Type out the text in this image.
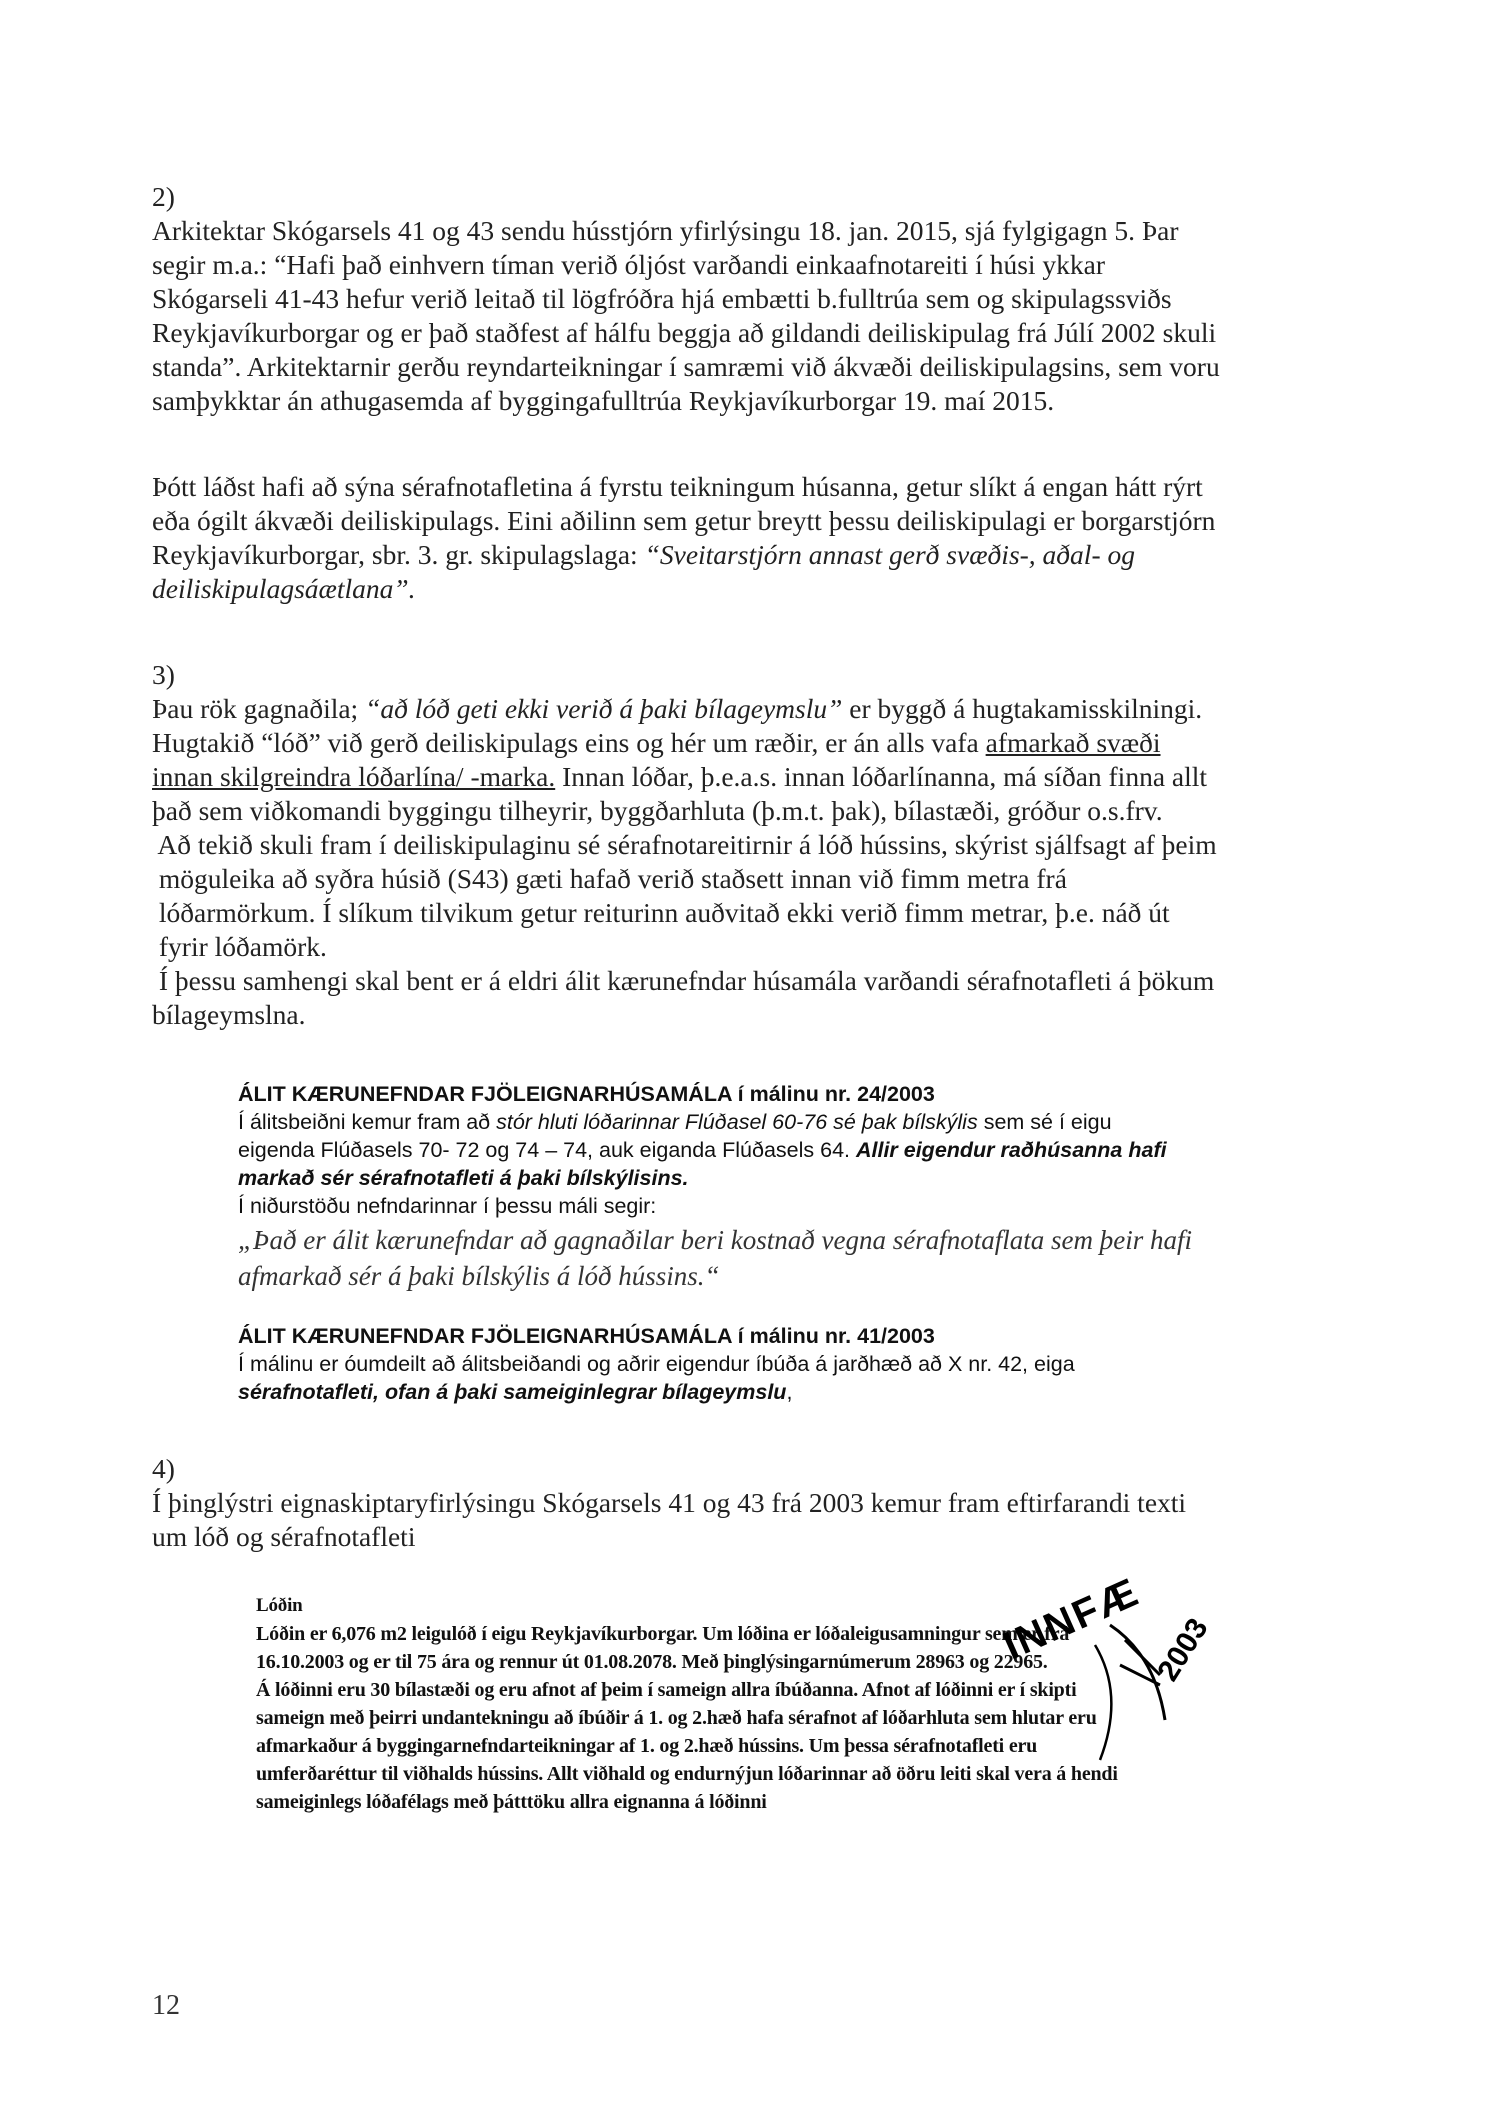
2)
Arkitektar Skógarsels 41 og 43 sendu hússtjórn yfirlýsingu 18. jan. 2015, sjá fylgigagn 5. Þar
segir m.a.: “Hafi það einhvern tíman verið óljóst varðandi einkaafnotareiti í húsi ykkar
Skógarseli 41-43 hefur verið leitað til lögfróðra hjá embætti b.fulltrúa sem og skipulagssviðs
Reykjavíkurborgar og er það staðfest af hálfu beggja að gildandi deiliskipulag frá Júlí 2002 skuli
standa”. Arkitektarnir gerðu reyndarteikningar í samræmi við ákvæði deiliskipulagsins, sem voru
samþykktar án athugasemda af byggingafulltrúa Reykjavíkurborgar 19. maí 2015.
Þótt láðst hafi að sýna sérafnotafletina á fyrstu teikningum húsanna, getur slíkt á engan hátt rýrt
eða ógilt ákvæði deiliskipulags. Eini aðilinn sem getur breytt þessu deiliskipulagi er borgarstjórn
Reykjavíkurborgar, sbr. 3. gr. skipulagslaga: “Sveitarstjórn annast gerð svæðis-, aðal- og
deiliskipulagsáætlana”.
3)
Þau rök gagnaðila; “að lóð geti ekki verið á þaki bílageymslu” er byggð á hugtakamisskilningi.
Hugtakið “lóð” við gerð deiliskipulags eins og hér um ræðir, er án alls vafa afmarkað svæði
innan skilgreindra lóðarlína/ -marka. Innan lóðar, þ.e.a.s. innan lóðarlínanna, má síðan finna allt
það sem viðkomandi byggingu tilheyrir, byggðarhluta (þ.m.t. þak), bílastæði, gróður o.s.frv.
Að tekið skuli fram í deiliskipulaginu sé sérafnotareitirnir á lóð hússins, skýrist sjálfsagt af þeim
möguleika að syðra húsið (S43) gæti hafað verið staðsett innan við fimm metra frá
lóðarmörkum. Í slíkum tilvikum getur reiturinn auðvitað ekki verið fimm metrar, þ.e. náð út
fyrir lóðamörk.
Í þessu samhengi skal bent er á eldri álit kærunefndar húsamála varðandi sérafnotafleti á þökum
bílageymslna.
ÁLIT KÆRUNEFNDAR FJÖLEIGNARHÚSAMÁLA í málinu nr. 24/2003
Í álitsbeiðni kemur fram að stór hluti lóðarinnar Flúðasel 60-76 sé þak bílskýlis sem sé í eigu
eigenda Flúðasels 70- 72 og 74 – 74, auk eiganda Flúðasels 64. Allir eigendur raðhúsanna hafi
markað sér sérafnotafleti á þaki bílskýlisins.
Í niðurstöðu nefndarinnar í þessu máli segir:
„Það er álit kærunefndar að gagnaðilar beri kostnað vegna sérafnotaflata sem þeir hafi
afmarkað sér á þaki bílskýlis á lóð hússins.“
ÁLIT KÆRUNEFNDAR FJÖLEIGNARHÚSAMÁLA í málinu nr. 41/2003
Í málinu er óumdeilt að álitsbeiðandi og aðrir eigendur íbúða á jarðhæð að X nr. 42, eiga
sérafnotafleti, ofan á þaki sameiginlegrar bílageymslu,
4)
Í þinglýstri eignaskiptaryfirlýsingu Skógarsels 41 og 43 frá 2003 kemur fram eftirfarandi texti
um lóð og sérafnotafleti
Lóðin
Lóðin er 6,076 m2 leigulóð í eigu Reykjavíkurborgar. Um lóðina er lóðaleigusamningur sem er frá
16.10.2003 og er til 75 ára og rennur út 01.08.2078. Með þinglýsingarnúmerum 28963 og 22965.
Á lóðinni eru 30 bílastæði og eru afnot af þeim í sameign allra íbúðanna. Afnot af lóðinni er í skipti
sameign með þeirri undantekningu að íbúðir á 1. og 2.hæð hafa sérafnot af lóðarhluta sem hlutar eru
afmarkaður á byggingarnefndarteikningar af 1. og 2.hæð hússins. Um þessa sérafnotafleti eru
umferðaréttur til viðhalds hússins. Allt viðhald og endurnýjun lóðarinnar að öðru leiti skal vera á hendi
sameiginlegs lóðafélags með þátttöku allra eignanna á lóðinni
INNFÆ 2003
12
